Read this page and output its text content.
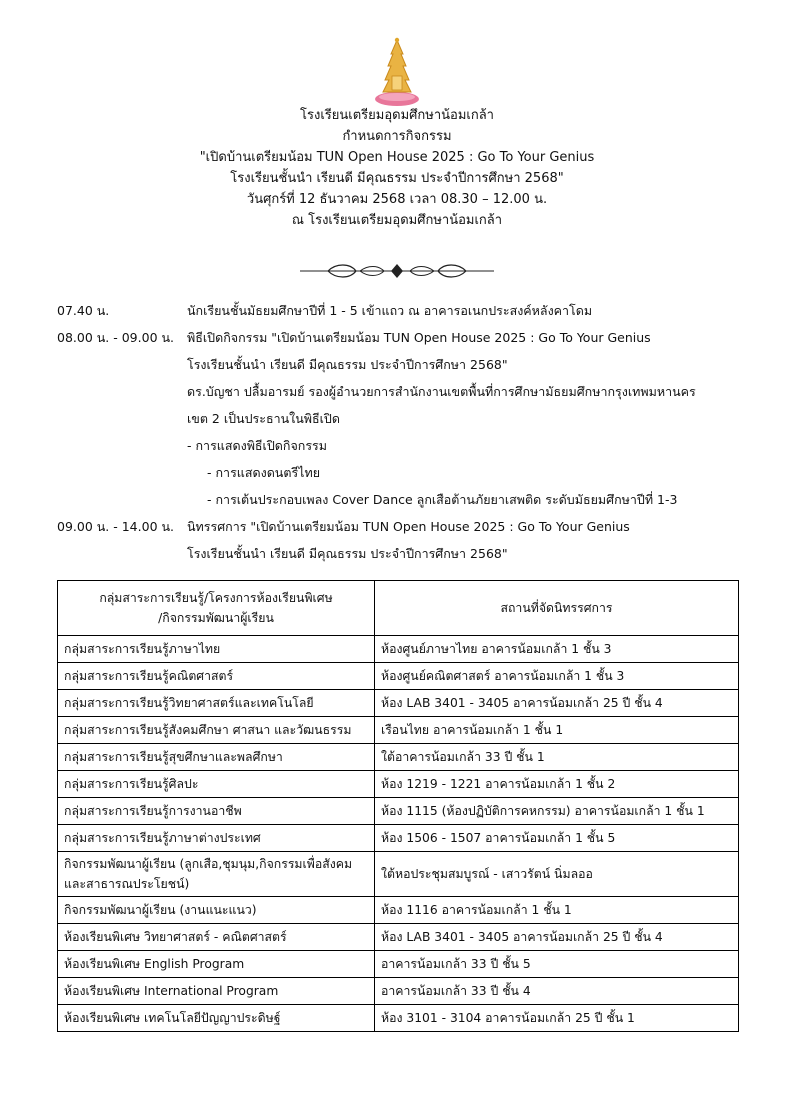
โรงเรียนเตรียมอุดมศึกษาน้อมเกล้า
กำหนดการกิจกรรม
"เปิดบ้านเตรียมน้อม TUN Open House 2025 : Go To Your Genius
โรงเรียนชั้นนำ เรียนดี มีคุณธรรม ประจำปีการศึกษา 2568"
วันศุกร์ที่ 12 ธันวาคม 2568 เวลา 08.30 – 12.00 น.
ณ โรงเรียนเตรียมอุดมศึกษาน้อมเกล้า
07.40 น.	นักเรียนชั้นมัธยมศึกษาปีที่ 1 - 5 เข้าแถว ณ อาคารอเนกประสงค์หลังคาโดม
08.00 น. - 09.00 น. พิธีเปิดกิจกรรม "เปิดบ้านเตรียมน้อม TUN Open House 2025 : Go To Your Genius
โรงเรียนชั้นนำ เรียนดี มีคุณธรรม ประจำปีการศึกษา 2568"
ดร.บัญชา ปลื้มอารมย์ รองผู้อำนวยการสำนักงานเขตพื้นที่การศึกษามัธยมศึกษากรุงเทพมหานคร
เขต 2 เป็นประธานในพิธีเปิด
- การแสดงพิธีเปิดกิจกรรม
- การแสดงดนตรีไทย
- การเต้นประกอบเพลง Cover Dance ลูกเสือต้านภัยยาเสพติด ระดับมัธยมศึกษาปีที่ 1-3
09.00 น. - 14.00 น. นิทรรศการ "เปิดบ้านเตรียมน้อม TUN Open House 2025 : Go To Your Genius
โรงเรียนชั้นนำ เรียนดี มีคุณธรรม ประจำปีการศึกษา 2568"
กลุ่มสาระการเรียนรู้/โครงการห้องเรียนพิเศษ
/กิจกรรมพัฒนาผู้เรียน	สถานที่จัดนิทรรศการ
กลุ่มสาระการเรียนรู้ภาษาไทย	ห้องศูนย์ภาษาไทย อาคารน้อมเกล้า 1 ชั้น 3
กลุ่มสาระการเรียนรู้คณิตศาสตร์	ห้องศูนย์คณิตศาสตร์ อาคารน้อมเกล้า 1 ชั้น 3
กลุ่มสาระการเรียนรู้วิทยาศาสตร์และเทคโนโลยี	ห้อง LAB 3401 - 3405 อาคารน้อมเกล้า 25 ปี ชั้น 4
กลุ่มสาระการเรียนรู้สังคมศึกษา ศาสนา และวัฒนธรรม	เรือนไทย อาคารน้อมเกล้า 1 ชั้น 1
กลุ่มสาระการเรียนรู้สุขศึกษาและพลศึกษา	ใต้อาคารน้อมเกล้า 33 ปี ชั้น 1
กลุ่มสาระการเรียนรู้ศิลปะ	ห้อง 1219 - 1221 อาคารน้อมเกล้า 1 ชั้น 2
กลุ่มสาระการเรียนรู้การงานอาชีพ	ห้อง 1115 (ห้องปฏิบัติการคหกรรม) อาคารน้อมเกล้า 1 ชั้น 1
กลุ่มสาระการเรียนรู้ภาษาต่างประเทศ	ห้อง 1506 - 1507 อาคารน้อมเกล้า 1 ชั้น 5
กิจกรรมพัฒนาผู้เรียน (ลูกเสือ,ชุมนุม,กิจกรรมเพื่อสังคมและสาธารณประโยชน์)	ใต้หอประชุมสมบูรณ์ - เสาวรัตน์ นิ่มลออ
กิจกรรมพัฒนาผู้เรียน (งานแนะแนว)	ห้อง 1116 อาคารน้อมเกล้า 1 ชั้น 1
ห้องเรียนพิเศษ วิทยาศาสตร์ - คณิตศาสตร์	ห้อง LAB 3401 - 3405 อาคารน้อมเกล้า 25 ปี ชั้น 4
ห้องเรียนพิเศษ English Program	อาคารน้อมเกล้า 33 ปี ชั้น 5
ห้องเรียนพิเศษ International Program	อาคารน้อมเกล้า 33 ปี ชั้น 4
ห้องเรียนพิเศษ เทคโนโลยีปัญญาประดิษฐ์	ห้อง 3101 - 3104 อาคารน้อมเกล้า 25 ปี ชั้น 1
